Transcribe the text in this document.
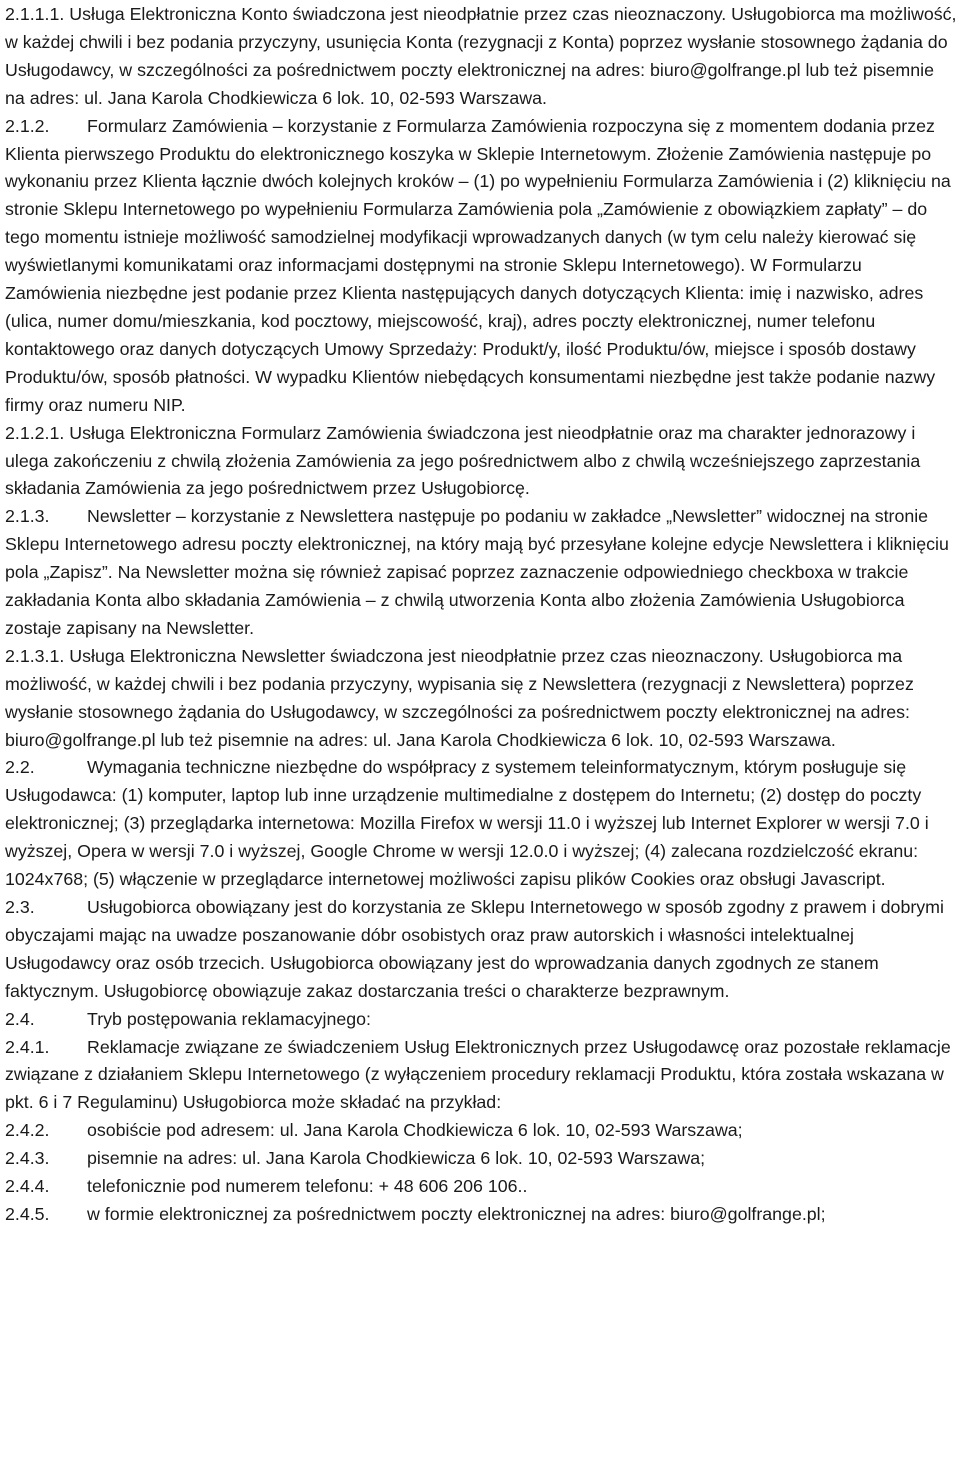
2.1.1.1. Usługa Elektroniczna Konto świadczona jest nieodpłatnie przez czas nieoznaczony. Usługobiorca ma możliwość, w każdej chwili i bez podania przyczyny, usunięcia Konta (rezygnacji z Konta) poprzez wysłanie stosownego żądania do Usługodawcy, w szczególności za pośrednictwem poczty elektronicznej na adres: biuro@golfrange.pl lub też pisemnie na adres: ul. Jana Karola Chodkiewicza 6 lok. 10, 02-593 Warszawa.

2.1.2. Formularz Zamówienia – korzystanie z Formularza Zamówienia rozpoczyna się z momentem dodania przez Klienta pierwszego Produktu do elektronicznego koszyka w Sklepie Internetowym. Złożenie Zamówienia następuje po wykonaniu przez Klienta łącznie dwóch kolejnych kroków – (1) po wypełnieniu Formularza Zamówienia i (2) kliknięciu na stronie Sklepu Internetowego po wypełnieniu Formularza Zamówienia pola „Zamówienie z obowiązkiem zapłaty” – do tego momentu istnieje możliwość samodzielnej modyfikacji wprowadzanych danych (w tym celu należy kierować się wyświetlanymi komunikatami oraz informacjami dostępnymi na stronie Sklepu Internetowego). W Formularzu Zamówienia niezbędne jest podanie przez Klienta następujących danych dotyczących Klienta: imię i nazwisko, adres (ulica, numer domu/mieszkania, kod pocztowy, miejscowość, kraj), adres poczty elektronicznej, numer telefonu kontaktowego oraz danych dotyczących Umowy Sprzedaży: Produkt/y, ilość Produktu/ów, miejsce i sposób dostawy Produktu/ów, sposób płatności. W wypadku Klientów niebędących konsumentami niezbędne jest także podanie nazwy firmy oraz numeru NIP.

2.1.2.1. Usługa Elektroniczna Formularz Zamówienia świadczona jest nieodpłatnie oraz ma charakter jednorazowy i ulega zakończeniu z chwilą złożenia Zamówienia za jego pośrednictwem albo z chwilą wcześniejszego zaprzestania składania Zamówienia za jego pośrednictwem przez Usługobiorcę.

2.1.3. Newsletter – korzystanie z Newslettera następuje po podaniu w zakładce „Newsletter” widocznej na stronie Sklepu Internetowego adresu poczty elektronicznej, na który mają być przesyłane kolejne edycje Newslettera i kliknięciu pola „Zapisz”. Na Newsletter można się również zapisać poprzez zaznaczenie odpowiedniego checkboxa w trakcie zakładania Konta albo składania Zamówienia – z chwilą utworzenia Konta albo złożenia Zamówienia Usługobiorca zostaje zapisany na Newsletter.

2.1.3.1. Usługa Elektroniczna Newsletter świadczona jest nieodpłatnie przez czas nieoznaczony. Usługobiorca ma możliwość, w każdej chwili i bez podania przyczyny, wypisania się z Newslettera (rezygnacji z Newslettera) poprzez wysłanie stosownego żądania do Usługodawcy, w szczególności za pośrednictwem poczty elektronicznej na adres: biuro@golfrange.pl lub też pisemnie na adres: ul. Jana Karola Chodkiewicza 6 lok. 10, 02-593 Warszawa.

2.2.	Wymagania techniczne niezbędne do współpracy z systemem teleinformatycznym, którym posługuje się Usługodawca: (1) komputer, laptop lub inne urządzenie multimedialne z dostępem do Internetu; (2) dostęp do poczty elektronicznej; (3) przeglądarka internetowa: Mozilla Firefox w wersji 11.0 i wyższej lub Internet Explorer w wersji 7.0 i wyższej, Opera w wersji 7.0 i wyższej, Google Chrome w wersji 12.0.0 i wyższej; (4) zalecana rozdzielczość ekranu: 1024x768; (5) włączenie w przeglądarce internetowej możliwości zapisu plików Cookies oraz obsługi Javascript.

2.3.	Usługobiorca obowiązany jest do korzystania ze Sklepu Internetowego w sposób zgodny z prawem i dobrymi obyczajami mając na uwadze poszanowanie dóbr osobistych oraz praw autorskich i własności intelektualnej Usługodawcy oraz osób trzecich. Usługobiorca obowiązany jest do wprowadzania danych zgodnych ze stanem faktycznym. Usługobiorcę obowiązuje zakaz dostarczania treści o charakterze bezprawnym.

2.4.	Tryb postępowania reklamacyjnego:

2.4.1. Reklamacje związane ze świadczeniem Usług Elektronicznych przez Usługodawcę oraz pozostałe reklamacje związane z działaniem Sklepu Internetowego (z wyłączeniem procedury reklamacji Produktu, która została wskazana w pkt. 6 i 7 Regulaminu) Usługobiorca może składać na przykład:

2.4.2. osobiście pod adresem: ul. Jana Karola Chodkiewicza 6 lok. 10, 02-593 Warszawa;

2.4.3. pisemnie na adres: ul. Jana Karola Chodkiewicza 6 lok. 10, 02-593 Warszawa;

2.4.4. telefonicznie pod numerem telefonu: + 48 606 206 106..

2.4.5. w formie elektronicznej za pośrednictwem poczty elektronicznej na adres: biuro@golfrange.pl;
